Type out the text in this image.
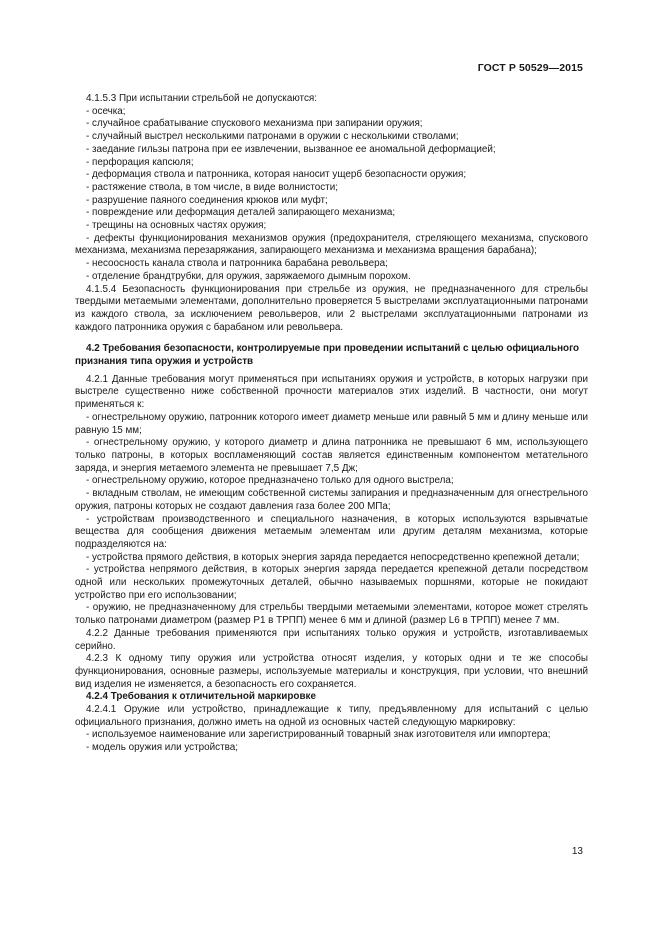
ГОСТ Р 50529—2015

4.1.5.3 При испытании стрельбой не допускаются:

- осечка;

- случайное срабатывание спускового механизма при запирании оружия;

- случайный выстрел несколькими патронами в оружии с несколькими стволами;

- заедание гильзы патрона при ее извлечении, вызванное ее аномальной деформацией;

- перфорация капсюля;

- деформация ствола и патронника, которая наносит ущерб безопасности оружия;

- растяжение ствола, в том числе, в виде волнистости;

- разрушение паяного соединения крюков или муфт;

- повреждение или деформация деталей запирающего механизма;

- трещины на основных частях оружия;

- дефекты функционирования механизмов оружия (предохранителя, стреляющего механизма, спускового механизма, механизма перезаряжания, запирающего механизма и механизма вращения барабана);

- несоосность канала ствола и патронника барабана револьвера;

- отделение брандтрубки, для оружия, заряжаемого дымным порохом.

4.1.5.4 Безопасность функционирования при стрельбе из оружия, не предназначенного для стрельбы твердыми метаемыми элементами, дополнительно проверяется 5 выстрелами эксплуатационными патронами из каждого ствола, за исключением револьверов, или 2 выстрелами эксплуатационными патронами из каждого патронника оружия с барабаном или револьвера.

4.2 Требования безопасности, контролируемые при проведении испытаний с целью официального признания типа оружия и устройств

4.2.1 Данные требования могут применяться при испытаниях оружия и устройств, в которых нагрузки при выстреле существенно ниже собственной прочности материалов этих изделий. В частности, они могут применяться к:

- огнестрельному оружию, патронник которого имеет диаметр меньше или равный 5 мм и длину меньше или равную 15 мм;

- огнестрельному оружию, у которого диаметр и длина патронника не превышают 6 мм, использующего только патроны, в которых воспламеняющий состав является единственным компонентом метательного заряда, и энергия метаемого элемента не превышает 7,5 Дж;

- огнестрельному оружию, которое предназначено только для одного выстрела;

- вкладным стволам, не имеющим собственной системы запирания и предназначенным для огнестрельного оружия, патроны которых не создают давления газа более 200 МПа;

- устройствам производственного и специального назначения, в которых используются взрывчатые вещества для сообщения движения метаемым элементам или другим деталям механизма, которые подразделяются на:

- устройства прямого действия, в которых энергия заряда передается непосредственно крепежной детали;

- устройства непрямого действия, в которых энергия заряда передается крепежной детали посредством одной или нескольких промежуточных деталей, обычно называемых поршнями, которые не покидают устройство при его использовании;

- оружию, не предназначенному для стрельбы твердыми метаемыми элементами, которое может стрелять только патронами диаметром (размер P1 в ТРПП) менее 6 мм и длиной (размер L6 в ТРПП) менее 7 мм.

4.2.2 Данные требования применяются при испытаниях только оружия и устройств, изготавливаемых серийно.

4.2.3 К одному типу оружия или устройства относят изделия, у которых одни и те же способы функционирования, основные размеры, используемые материалы и конструкция, при условии, что внешний вид изделия не изменяется, а безопасность его сохраняется.

4.2.4 Требования к отличительной маркировке

4.2.4.1 Оружие или устройство, принадлежащие к типу, предъявленному для испытаний с целью официального признания, должно иметь на одной из основных частей следующую маркировку:

- используемое наименование или зарегистрированный товарный знак изготовителя или импортера;

- модель оружия или устройства;

13
